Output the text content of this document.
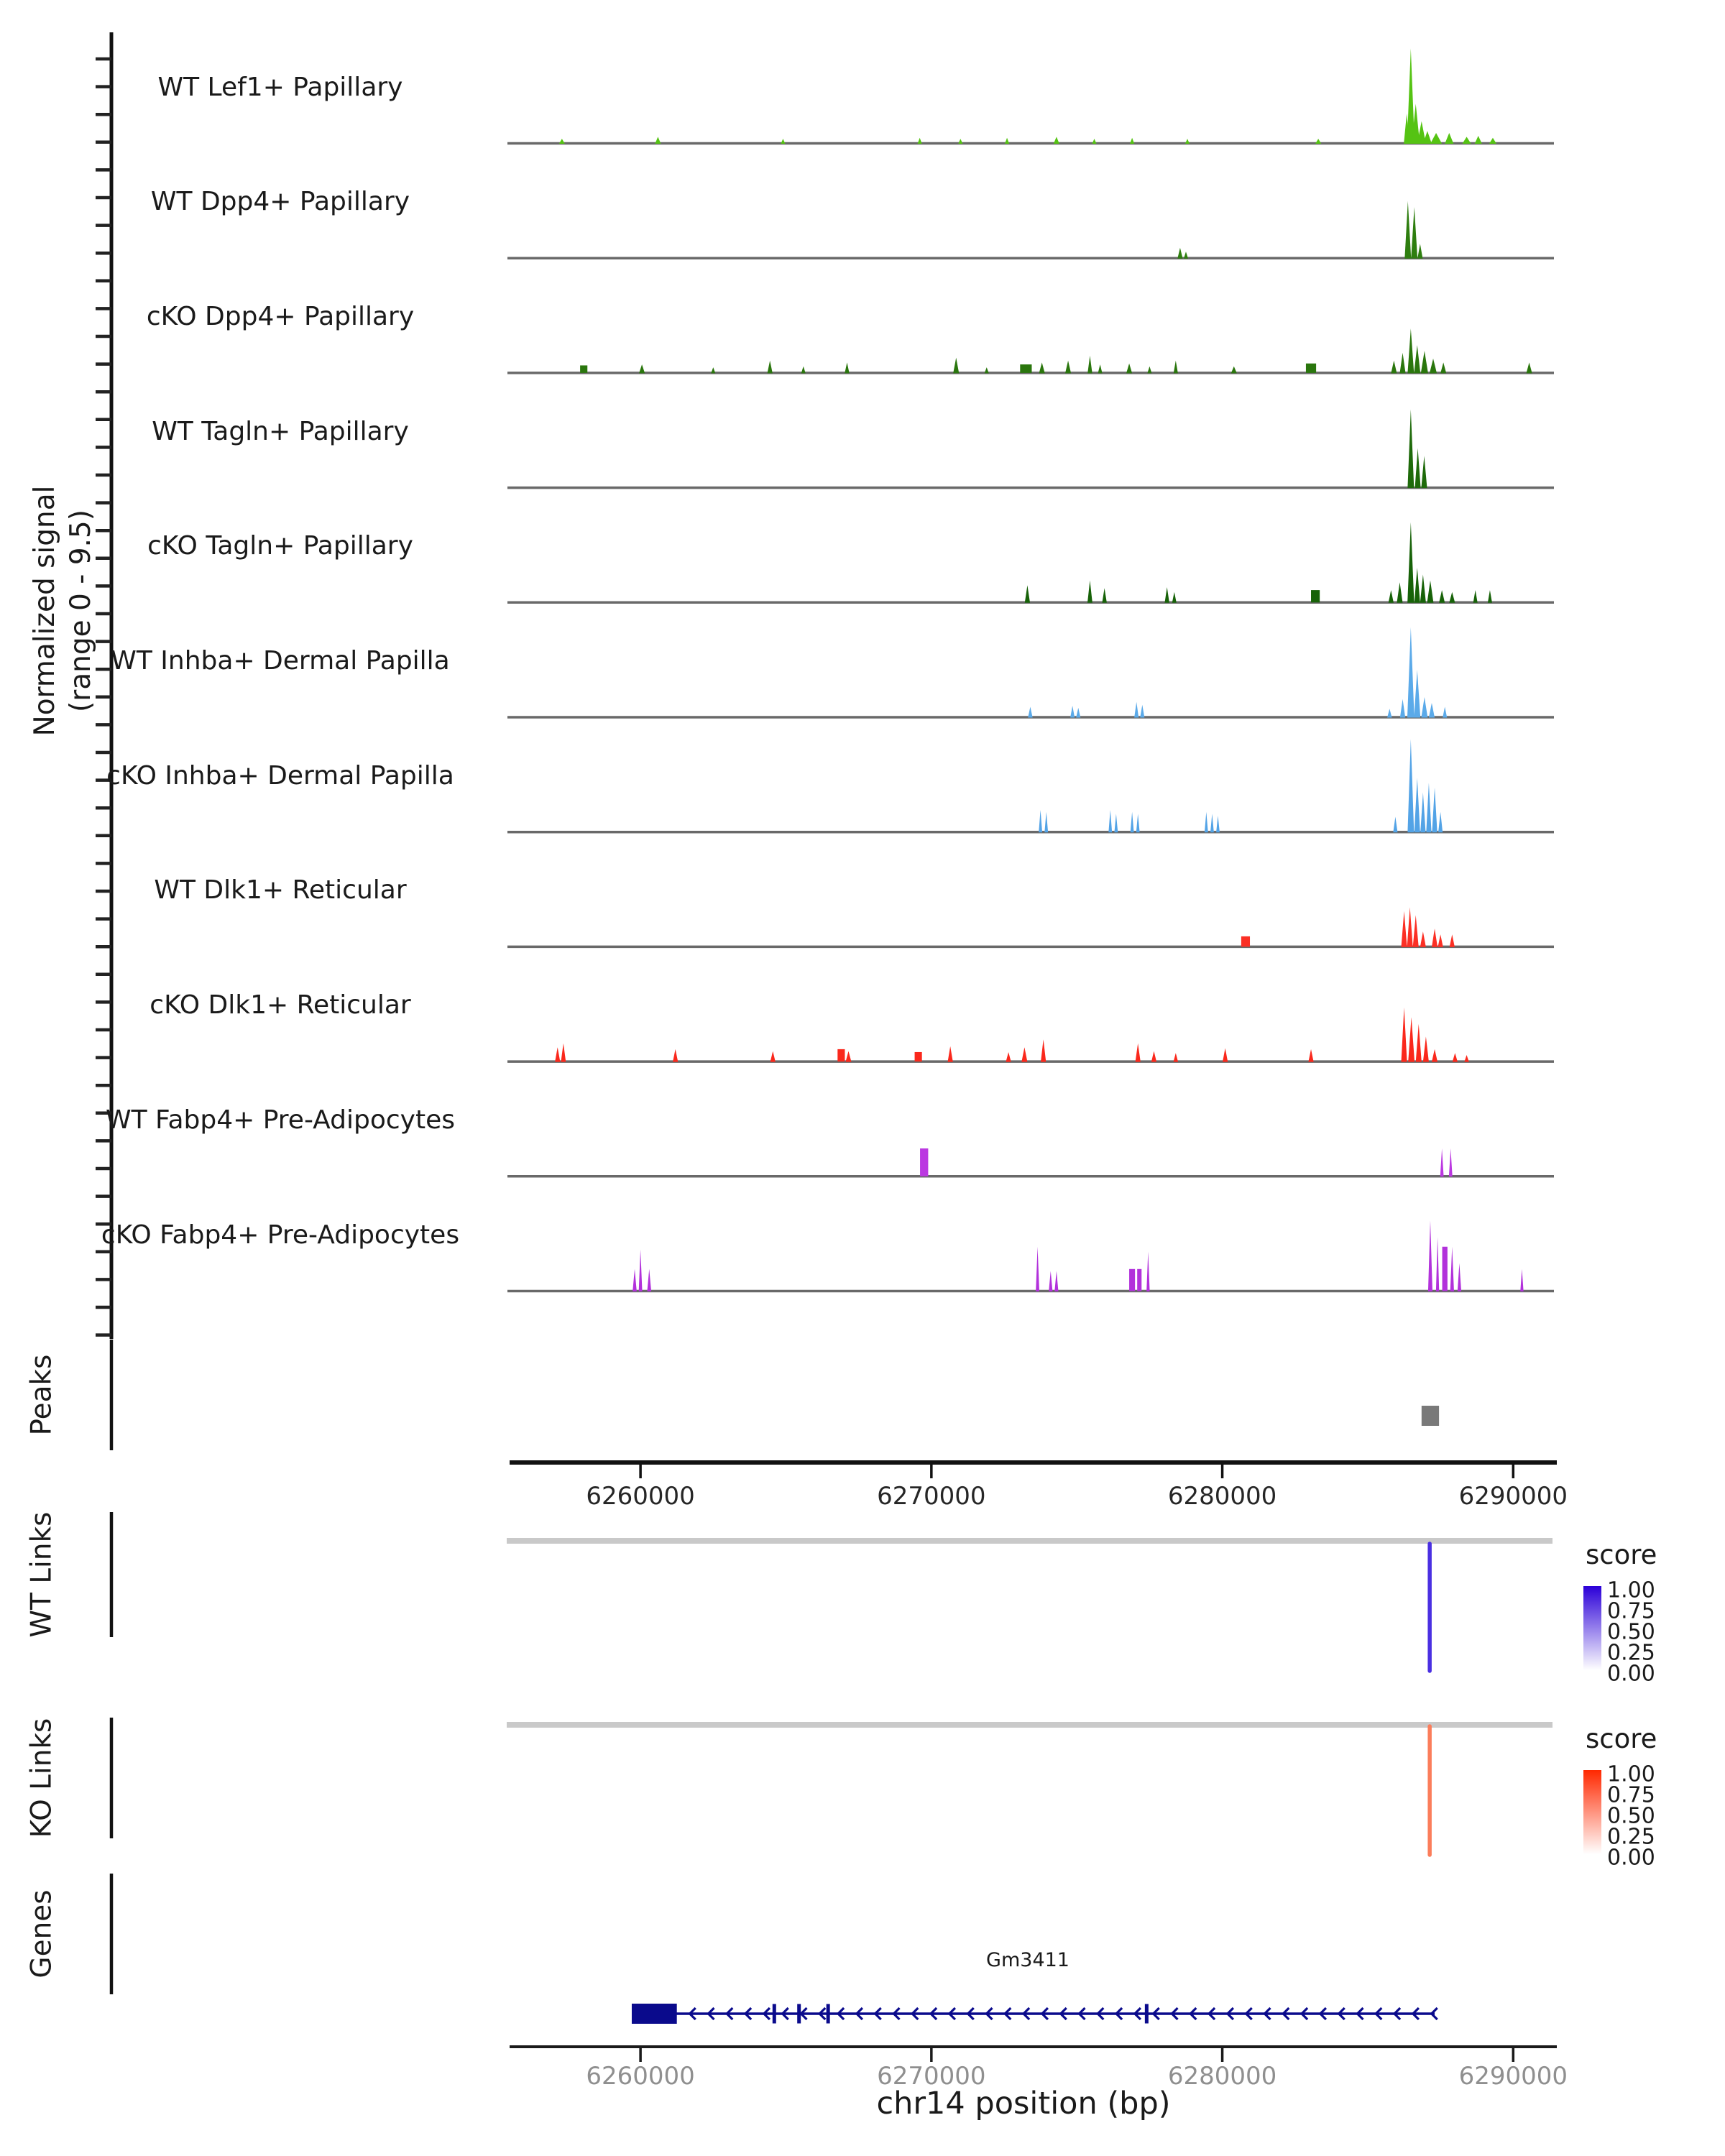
6260000	6270000	6280000	6290000
6260000	6270000	6280000	6290000
Normalized signal (range 0 - 9.5)
Peaks
WT Links
KO Links
Genes
score
1.00
0.75
0.50
0.25
0.00
score
1.00
0.75
0.50
0.25
0.00
Gm3411
chr14 position (bp)
WT Lef1+ Papillary
WT Dpp4+ Papillary
cKO Dpp4+ Papillary
WT Tagln+ Papillary
cKO Tagln+ Papillary
WT Inhba+ Dermal Papilla
cKO Inhba+ Dermal Papilla
WT Dlk1+ Reticular
cKO Dlk1+ Reticular
WT Fabp4+ Pre-Adipocytes
cKO Fabp4+ Pre-Adipocytes
